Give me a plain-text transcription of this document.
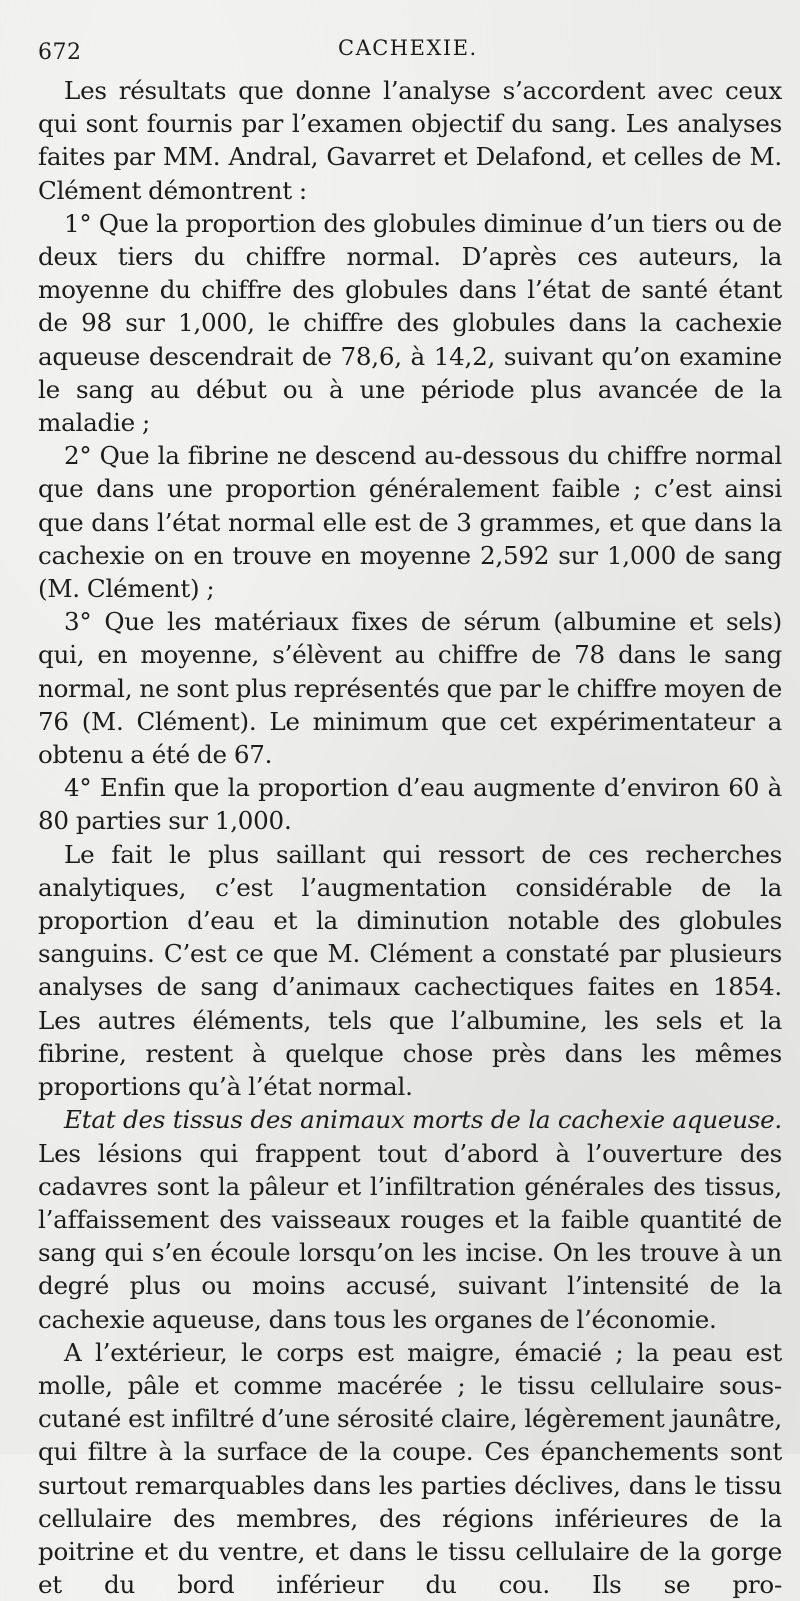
672	CACHEXIE.

Les résultats que donne l’analyse s’accordent avec ceux qui sont fournis par l’examen objectif du sang. Les analyses faites par MM. Andral, Gavarret et Delafond, et celles de M. Clément démontrent :

1° Que la proportion des globules diminue d’un tiers ou de deux tiers du chiffre normal. D’après ces auteurs, la moyenne du chiffre des globules dans l’état de santé étant de 98 sur 1,000, le chiffre des globules dans la cachexie aqueuse descendrait de 78,6, à 14,2, suivant qu’on examine le sang au début ou à une période plus avancée de la maladie ;

2° Que la fibrine ne descend au-dessous du chiffre normal que dans une proportion généralement faible ; c’est ainsi que dans l’état normal elle est de 3 grammes, et que dans la cachexie on en trouve en moyenne 2,592 sur 1,000 de sang (M. Clément) ;

3° Que les matériaux fixes de sérum (albumine et sels) qui, en moyenne, s’élèvent au chiffre de 78 dans le sang normal, ne sont plus représentés que par le chiffre moyen de 76 (M. Clément). Le minimum que cet expérimentateur a obtenu a été de 67.

4° Enfin que la proportion d’eau augmente d’environ 60 à 80 parties sur 1,000.

Le fait le plus saillant qui ressort de ces recherches analytiques, c’est l’augmentation considérable de la proportion d’eau et la diminution notable des globules sanguins. C’est ce que M. Clément a constaté par plusieurs analyses de sang d’animaux cachectiques faites en 1854. Les autres éléments, tels que l’albumine, les sels et la fibrine, restent à quelque chose près dans les mêmes proportions qu’à l’état normal.

Etat des tissus des animaux morts de la cachexie aqueuse. Les lésions qui frappent tout d’abord à l’ouverture des cadavres sont la pâleur et l’infiltration générales des tissus, l’affaissement des vaisseaux rouges et la faible quantité de sang qui s’en écoule lorsqu’on les incise. On les trouve à un degré plus ou moins accusé, suivant l’intensité de la cachexie aqueuse, dans tous les organes de l’économie.

A l’extérieur, le corps est maigre, émacié ; la peau est molle, pâle et comme macérée ; le tissu cellulaire sous-cutané est infiltré d’une sérosité claire, légèrement jaunâtre, qui filtre à la surface de la coupe. Ces épanchements sont surtout remarquables dans les parties déclives, dans le tissu cellulaire des membres, des régions inférieures de la poitrine et du ventre, et dans le tissu cellulaire de la gorge et du bord inférieur du cou. Ils se pro-
